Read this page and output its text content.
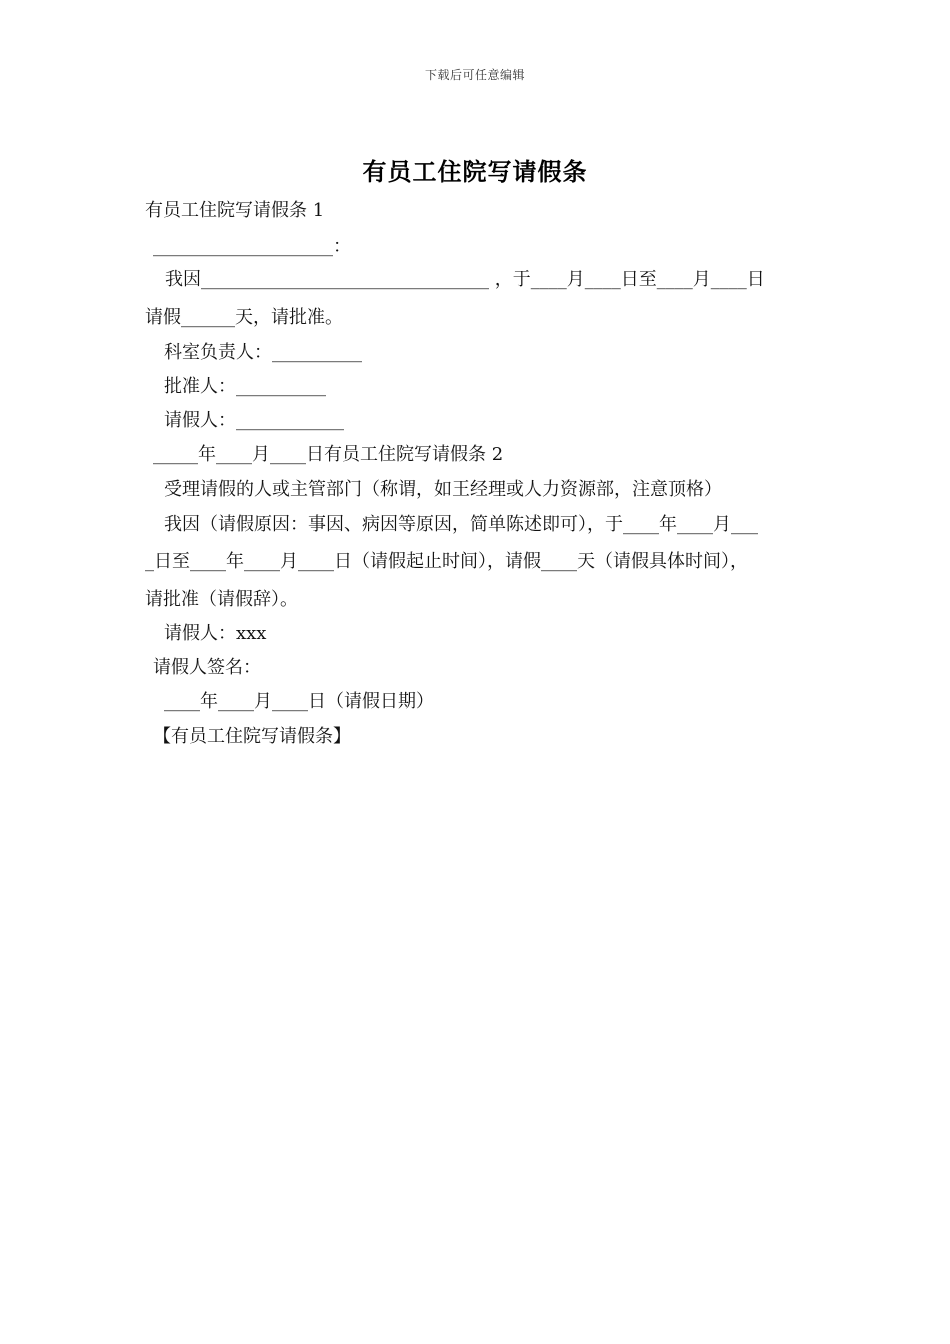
下载后可任意编辑
有员工住院写请假条
有员工住院写请假条 1
____________________：
我因________________________________ ，于____月____日至____月____日
请假______天，请批准。
科室负责人：__________
批准人：__________
请假人：____________
_____年____月____日有员工住院写请假条 2
受理请假的人或主管部门（称谓，如王经理或人力资源部，注意顶格）
我因（请假原因：事因、病因等原因，简单陈述即可），于____年____月___
_日至____年____月____日（请假起止时间），请假____天（请假具体时间），
请批准（请假辞）。
请假人：xxx
请假人签名：
____年____月____日（请假日期）
【有员工住院写请假条】
